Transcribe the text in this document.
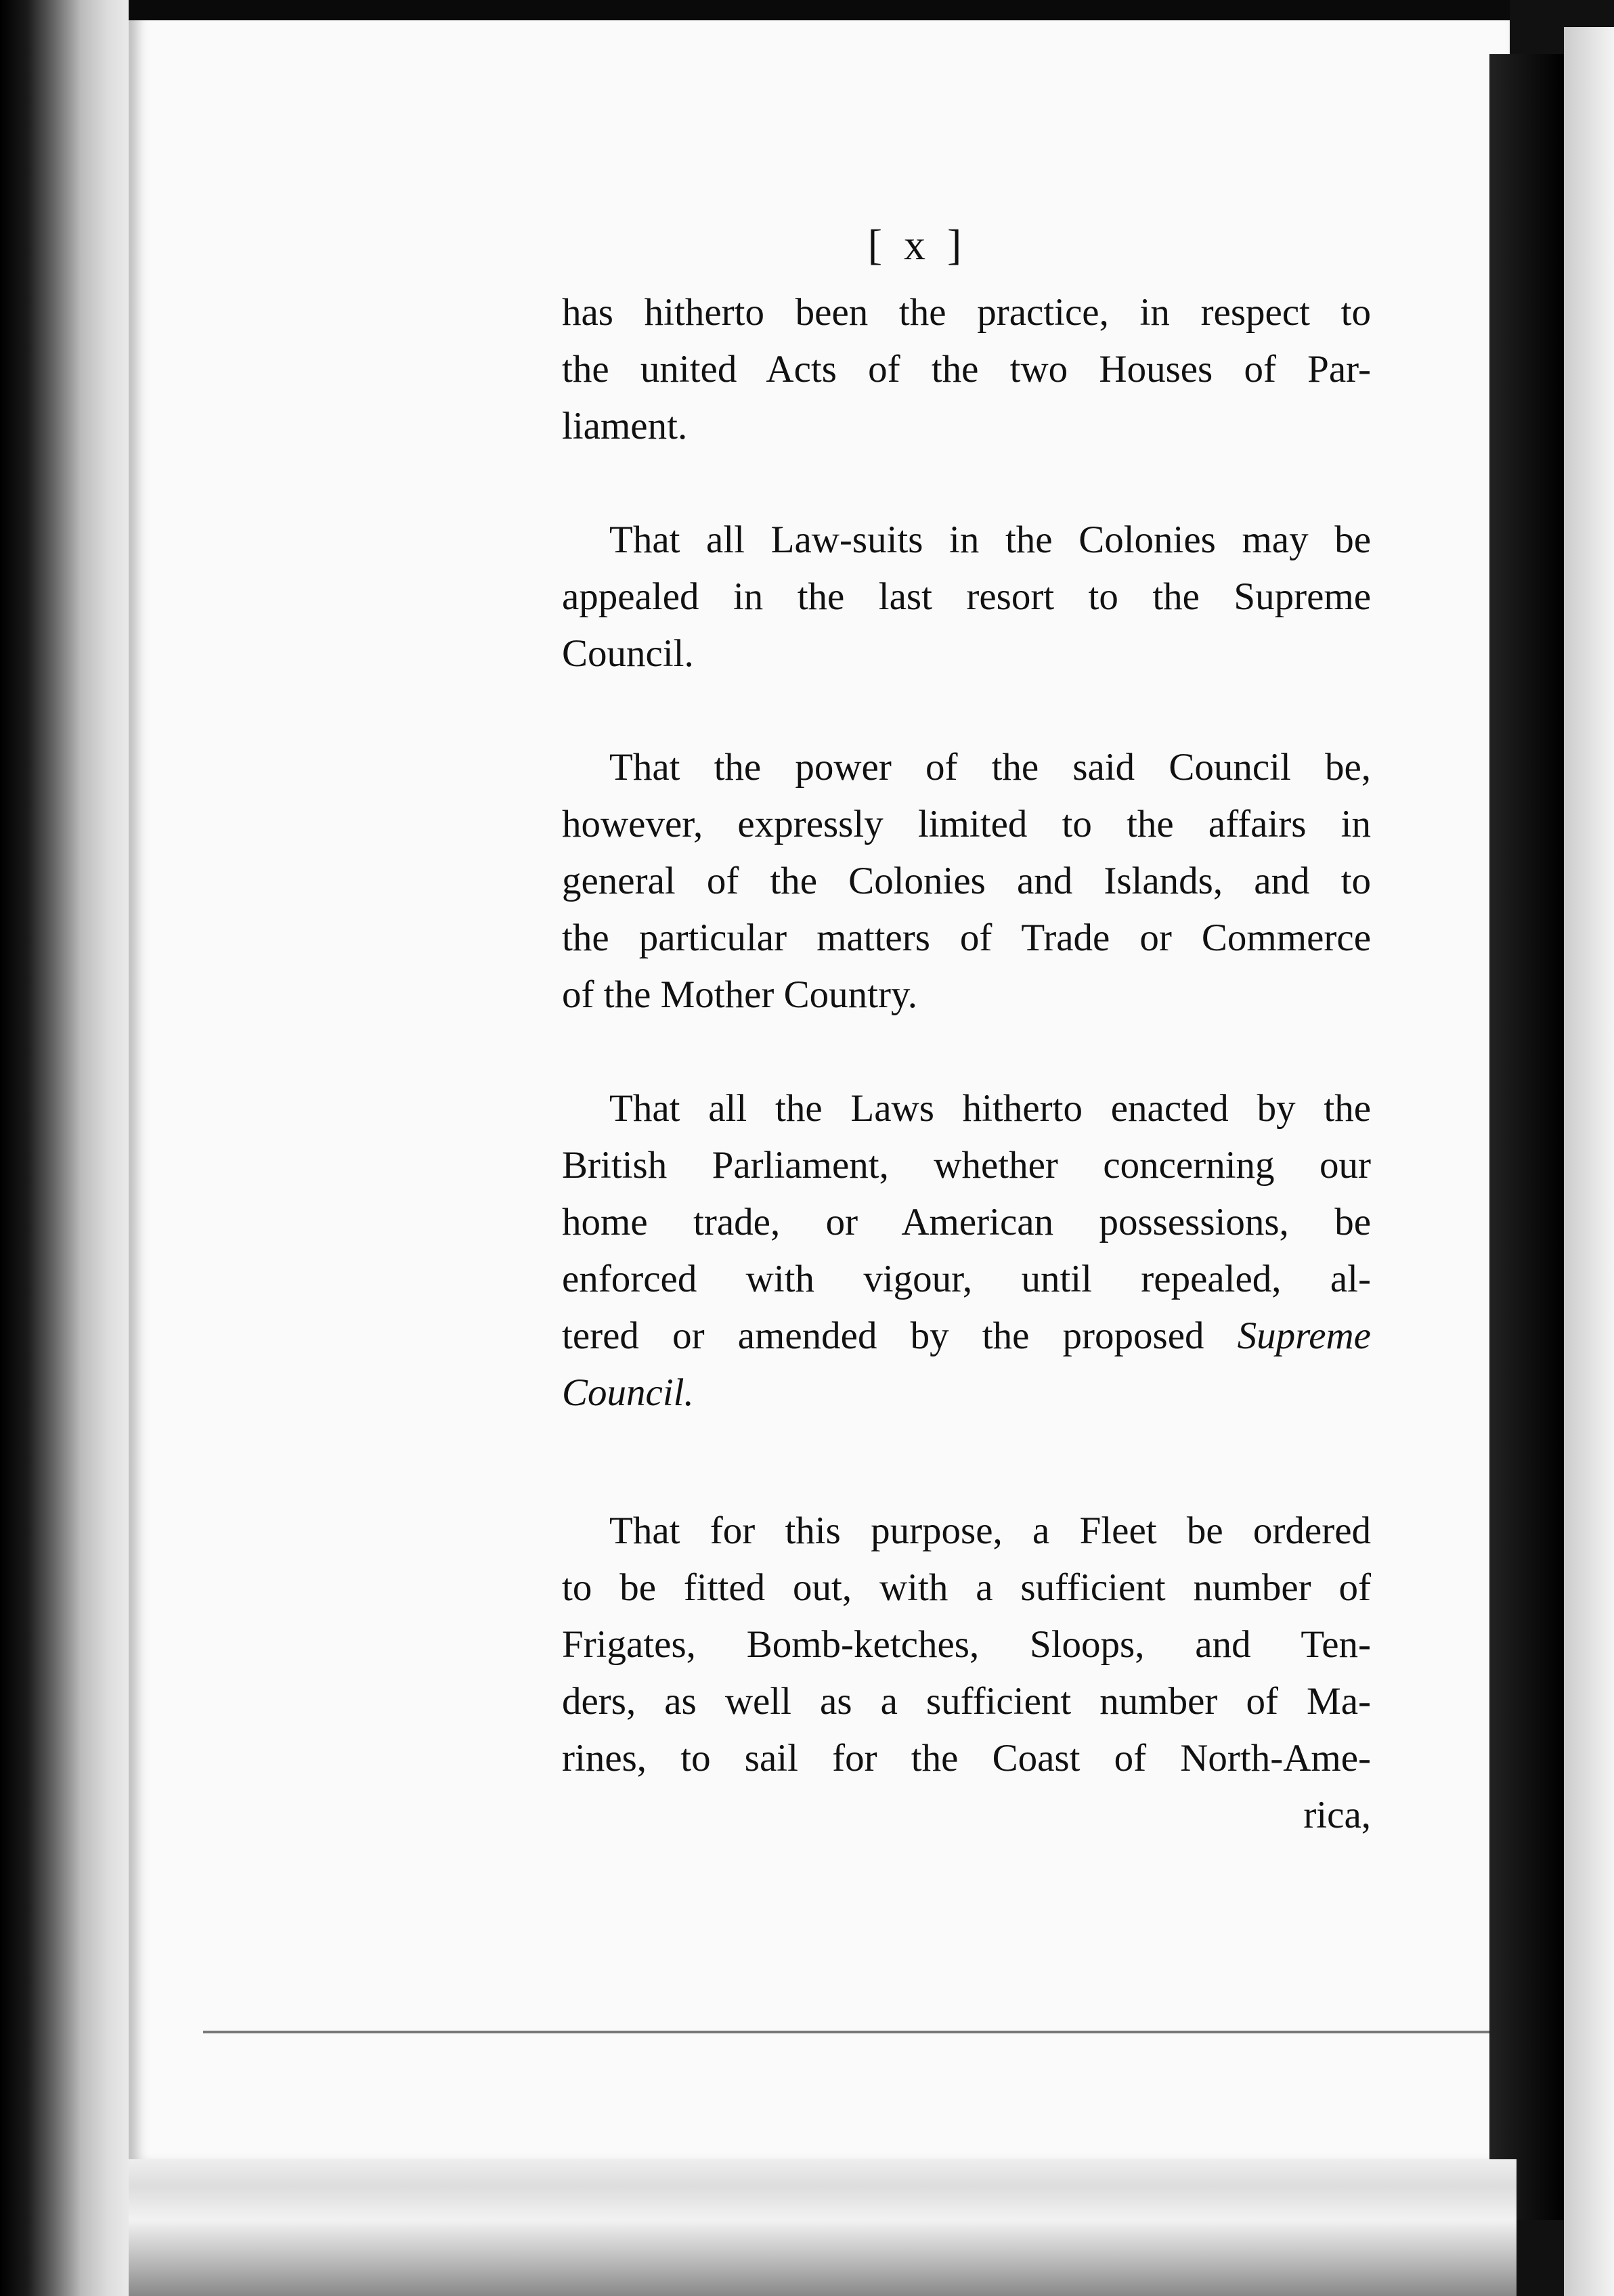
[ x ]

has hitherto been the practice, in respect to
the united Acts of the two Houses of Par-
liament.

That all Law-suits in the Colonies may be
appealed in the last resort to the Supreme
Council.

That the power of the said Council be,
however, expressly limited to the affairs in
general of the Colonies and Islands, and to
the particular matters of Trade or Commerce
of the Mother Country.

That all the Laws hitherto enacted by the
British Parliament, whether concerning our
home trade, or American possessions, be
enforced with vigour, until repealed, al-
tered or amended by the proposed Supreme
Council.

That for this purpose, a Fleet be ordered
to be fitted out, with a sufficient number of
Frigates, Bomb-ketches, Sloops, and Ten-
ders, as well as a sufficient number of Ma-
rines, to sail for the Coast of North-Ame-
rica,
